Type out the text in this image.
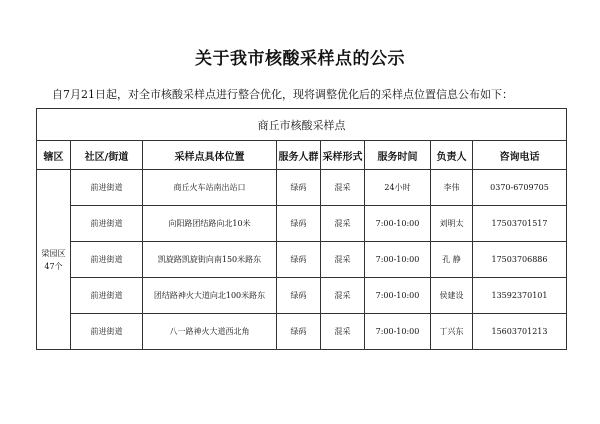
关于我市核酸采样点的公示
自7月21日起，对全市核酸采样点进行整合优化，现将调整优化后的采样点位置信息公布如下：
商丘市核酸采样点							
辖区	社区/街道	采样点具体位置	服务人群	采样形式	服务时间	负责人	咨询电话
梁园区
47个	前进街道	商丘火车站南出站口	绿码	混采	24小时	李伟	0370-6709705
	前进街道	向阳路团结路向北10米	绿码	混采	7:00-10:00	刘明太	17503701517
	前进街道	凯旋路凯旋街向南150米路东	绿码	混采	7:00-10:00	孔 静	17503706886
	前进街道	团结路神火大道向北100米路东	绿码	混采	7:00-10:00	侯建设	13592370101
	前进街道	八一路神火大道西北角	绿码	混采	7:00-10:00	丁兴东	15603701213
